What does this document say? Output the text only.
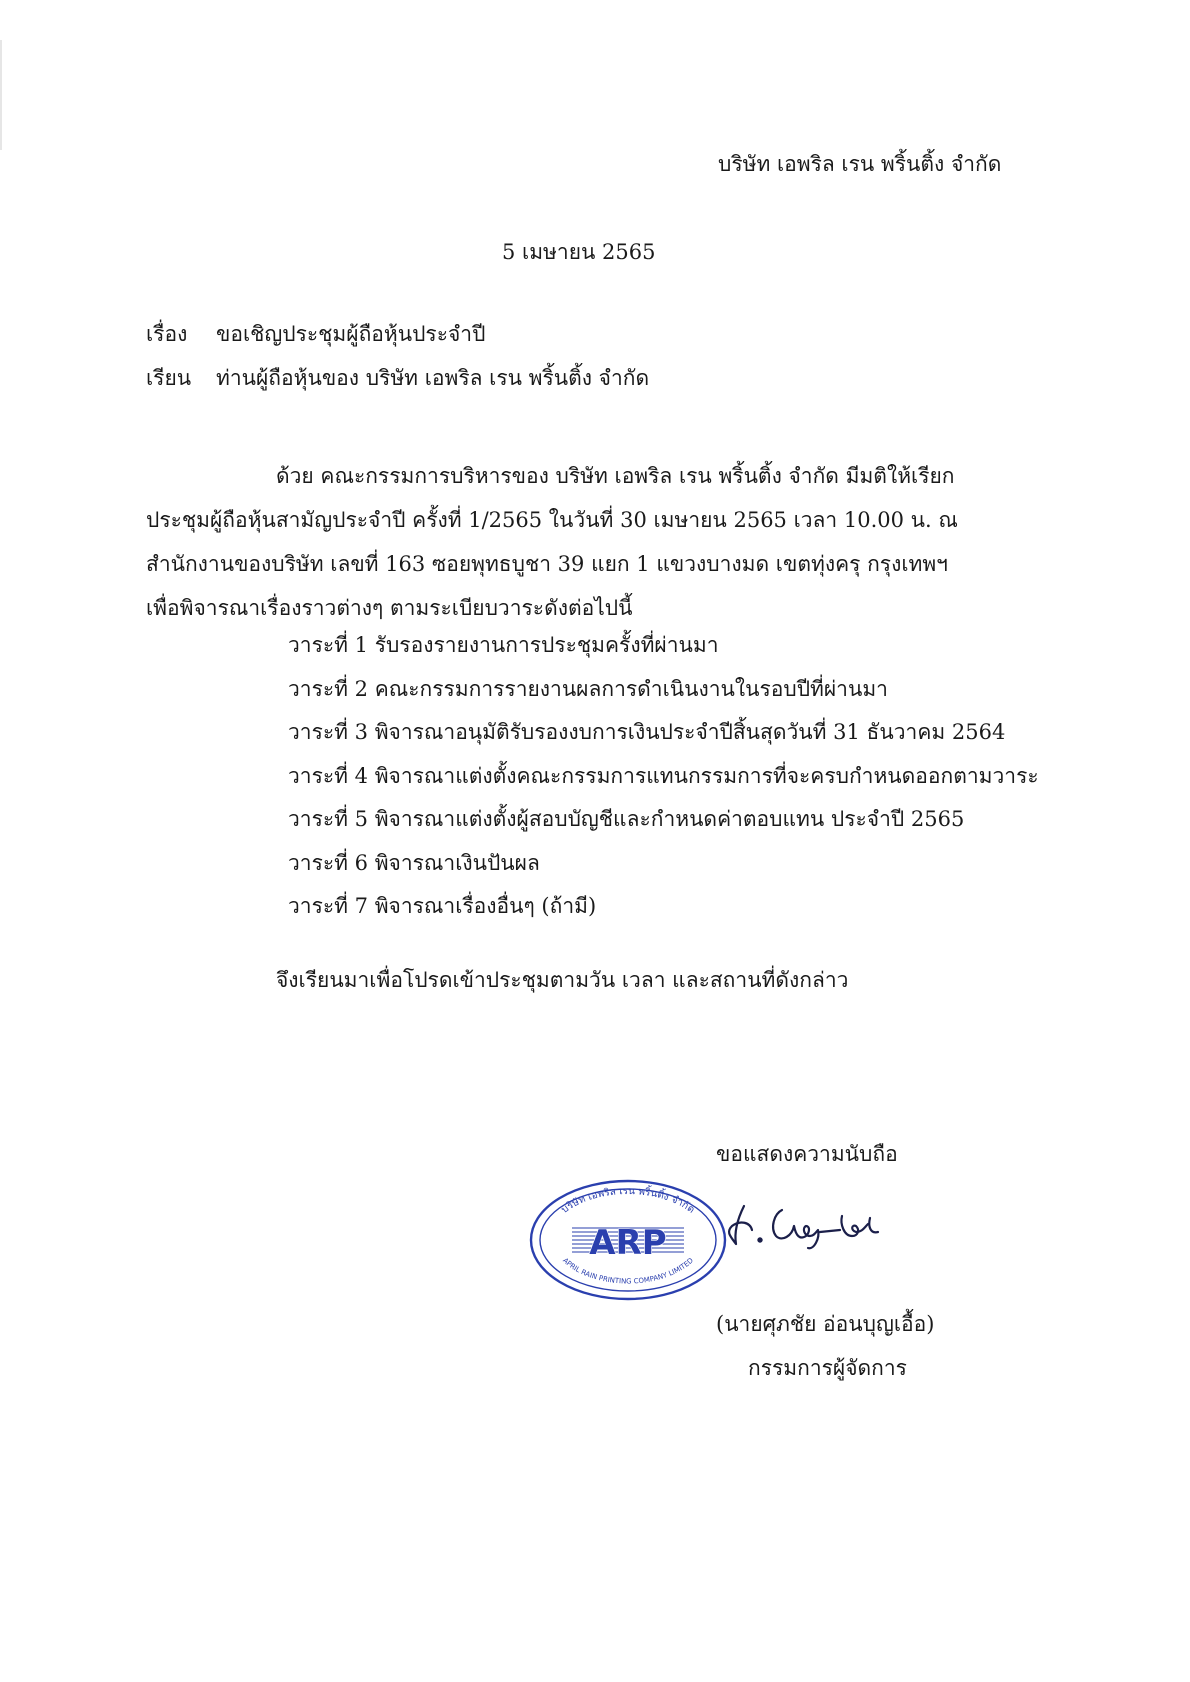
บริษัท เอพริล เรน พริ้นติ้ง จำกัด
5 เมษายน 2565
เรื่อง ขอเชิญประชุมผู้ถือหุ้นประจำปี
เรียน ท่านผู้ถือหุ้นของ บริษัท เอพริล เรน พริ้นติ้ง จำกัด
ด้วย คณะกรรมการบริหารของ บริษัท เอพริล เรน พริ้นติ้ง จำกัด มีมติให้เรียกประชุมผู้ถือหุ้นสามัญประจำปี ครั้งที่ 1/2565 ในวันที่ 30 เมษายน 2565 เวลา 10.00 น. ณ สำนักงานของบริษัท เลขที่ 163 ซอยพุทธบูชา 39 แยก 1 แขวงบางมด เขตทุ่งครุ กรุงเทพฯ เพื่อพิจารณาเรื่องราวต่างๆ ตามระเบียบวาระดังต่อไปนี้
วาระที่ 1 รับรองรายงานการประชุมครั้งที่ผ่านมา
วาระที่ 2 คณะกรรมการรายงานผลการดำเนินงานในรอบปีที่ผ่านมา
วาระที่ 3 พิจารณาอนุมัติรับรองงบการเงินประจำปีสิ้นสุดวันที่ 31 ธันวาคม 2564
วาระที่ 4 พิจารณาแต่งตั้งคณะกรรมการแทนกรรมการที่จะครบกำหนดออกตามวาระ
วาระที่ 5 พิจารณาแต่งตั้งผู้สอบบัญชีและกำหนดค่าตอบแทน ประจำปี 2565
วาระที่ 6 พิจารณาเงินปันผล
วาระที่ 7 พิจารณาเรื่องอื่นๆ (ถ้ามี)
จึงเรียนมาเพื่อโปรดเข้าประชุมตามวัน เวลา และสถานที่ดังกล่าว
ขอแสดงความนับถือ
บริษัท เอพริล เรน พริ้นติ้ง จำกัด
ARP
APRIL RAIN PRINTING COMPANY LIMITED
(นายศุภชัย อ่อนบุญเอื้อ)
กรรมการผู้จัดการ
